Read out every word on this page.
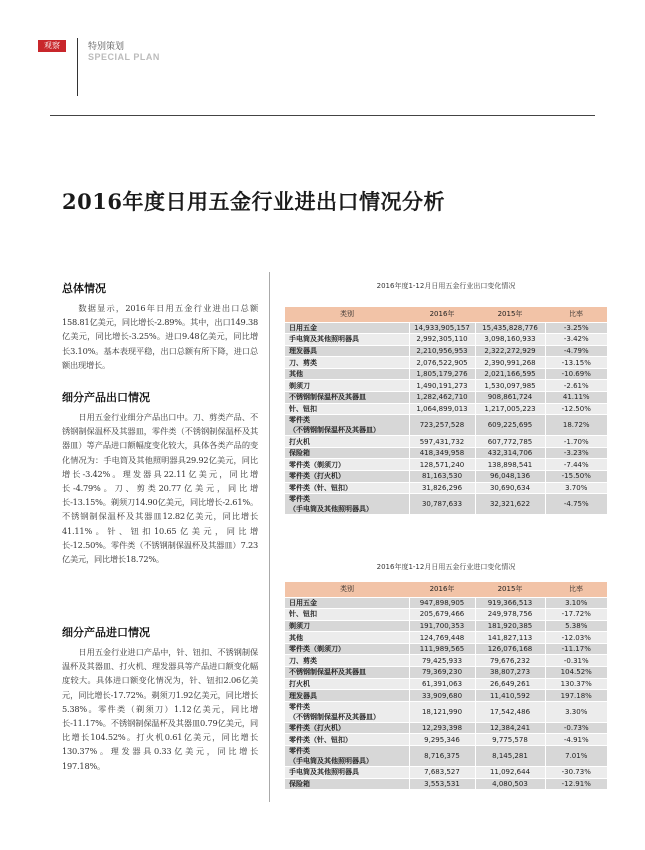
观察	特别策划
SPECIAL PLAN
2016年度日用五金行业进出口情况分析
总体情况

数据显示，2016年日用五金行业进出口总额158.81亿美元，同比增长-2.89%。其中，出口149.38亿美元，同比增长-3.25%。进口9.48亿美元，同比增长3.10%。基本表现平稳，出口总额有所下降，进口总额出现增长。

细分产品出口情况

日用五金行业细分产品出口中。刀、剪类产品、不锈钢制保温杯及其器皿，零件类（不锈钢制保温杯及其器皿）等产品进口额幅度变化较大，具体各类产品的变化情况为：手电筒及其他照明器具29.92亿美元，同比增长-3.42%。理发器具22.11亿美元，同比增长-4.79%。刀、剪类20.77亿美元，同比增长-13.15%。剃须刀14.90亿美元，同比增长-2.61%。不锈钢制保温杯及其器皿12.82亿美元，同比增长41.11%。针、钮扣10.65亿美元，同比增长-12.50%。零件类（不锈钢制保温杯及其器皿）7.23亿美元，同比增长18.72%。

细分产品进口情况

日用五金行业进口产品中，针、钮扣、不锈钢制保温杯及其器皿、打火机、理发器具等产品进口额变化幅度较大。具体进口额变化情况为，针、钮扣2.06亿美元，同比增长-17.72%。剃须刀1.92亿美元，同比增长5.38%。零件类（剃须刀）1.12亿美元，同比增长-11.17%。不锈钢制保温杯及其器皿0.79亿美元，同比增长104.52%。打火机0.61亿美元，同比增长130.37%。理发器具0.33亿美元，同比增长197.18%。

2016年度1-12月日用五金行业出口变化情况
类别	2016年	2015年	比率
日用五金	14,933,905,157	15,435,828,776	-3.25%
手电筒及其他照明器具	2,992,305,110	3,098,160,933	-3.42%
理发器具	2,210,956,953	2,322,272,929	-4.79%
刀、剪类	2,076,522,905	2,390,991,268	-13.15%
其他	1,805,179,276	2,021,166,595	-10.69%
剃须刀	1,490,191,273	1,530,097,985	-2.61%
不锈钢制保温杯及其器皿	1,282,462,710	908,861,724	41.11%
针、钮扣	1,064,899,013	1,217,005,223	-12.50%
零件类
（不锈钢制保温杯及其器皿）	723,257,528	609,225,695	18.72%
打火机	597,431,732	607,772,785	-1.70%
保险箱	418,349,958	432,314,706	-3.23%
零件类（剃须刀）	128,571,240	138,898,541	-7.44%
零件类（打火机）	81,163,530	96,048,136	-15.50%
零件类（针、钮扣）	31,826,296	30,690,634	3.70%
零件类
（手电筒及其他照明器具）	30,787,633	32,321,622	-4.75%
2016年度1-12月日用五金行业进口变化情况
类别	2016年	2015年	比率
日用五金	947,898,905	919,366,513	3.10%
针、钮扣	205,679,466	249,978,756	-17.72%
剃须刀	191,700,353	181,920,385	5.38%
其他	124,769,448	141,827,113	-12.03%
零件类（剃须刀）	111,989,565	126,076,168	-11.17%
刀、剪类	79,425,933	79,676,232	-0.31%
不锈钢制保温杯及其器皿	79,369,230	38,807,273	104.52%
打火机	61,391,063	26,649,261	130.37%
理发器具	33,909,680	11,410,592	197.18%
零件类
（不锈钢制保温杯及其器皿）	18,121,990	17,542,486	3.30%
零件类（打火机）	12,293,398	12,384,241	-0.73%
零件类（针、钮扣）	9,295,346	9,775,578	-4.91%
零件类
（手电筒及其他照明器具）	8,716,375	8,145,281	7.01%
手电筒及其他照明器具	7,683,527	11,092,644	-30.73%
保险箱	3,553,531	4,080,503	-12.91%
